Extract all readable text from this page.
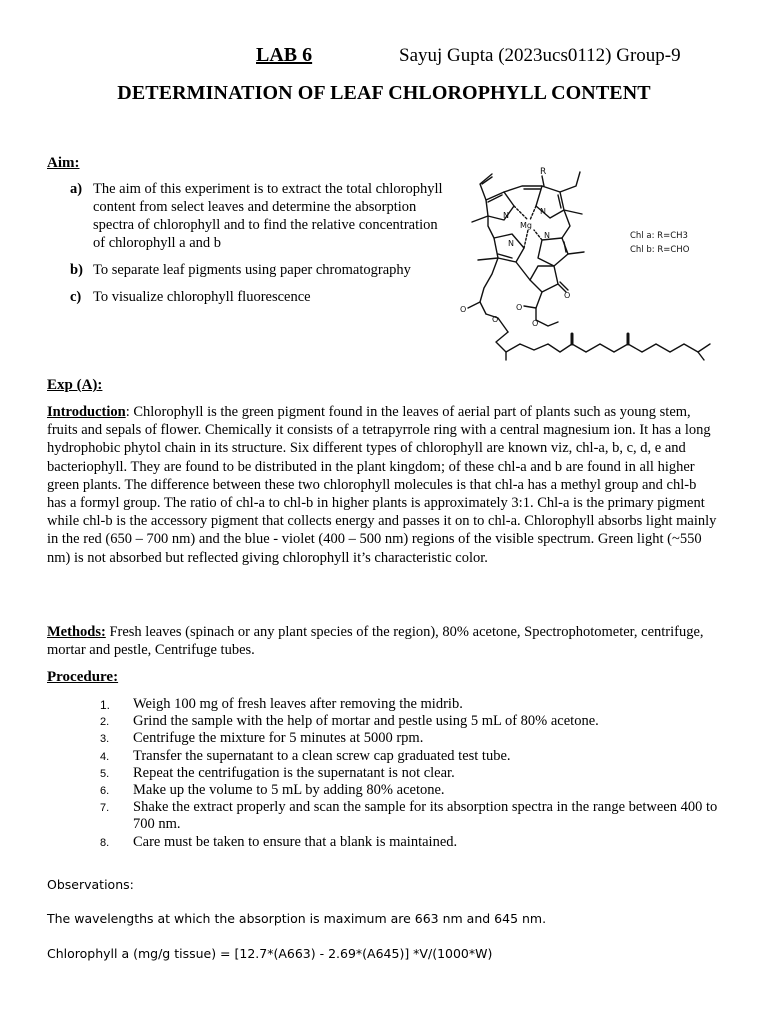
LAB 6	Sayuj Gupta (2023ucs0112) Group-9
DETERMINATION OF LEAF CHLOROPHYLL CONTENT
Aim:
a) The aim of this experiment is to extract the total chlorophyll content from select leaves and determine the absorption spectra of chlorophyll and to find the relative concentration of chlorophyll a and b
b) To separate leaf pigments using paper chromatography
c) To visualize chlorophyll fluorescence
R
Mg
N	N
N
N
O
O
O
O
O
Chl a: R=CH3
Chl b: R=CHO
Exp (A):

Introduction: Chlorophyll is the green pigment found in the leaves of aerial part of plants such as young stem, fruits and sepals of flower. Chemically it consists of a tetrapyrrole ring with a central magnesium ion. It has a long hydrophobic phytol chain in its structure. Six different types of chlorophyll are known viz, chl-a, b, c, d, e and bacteriophyll. They are found to be distributed in the plant kingdom; of these chl-a and b are found in all higher green plants. The difference between these two chlorophyll molecules is that chl-a has a methyl group and chl-b has a formyl group. The ratio of chl-a to chl-b in higher plants is approximately 3:1. Chl-a is the primary pigment while chl-b is the accessory pigment that collects energy and passes it on to chl-a. Chlorophyll absorbs light mainly in the red (650 – 700 nm) and the blue - violet (400 – 500 nm) regions of the visible spectrum. Green light (~550 nm) is not absorbed but reflected giving chlorophyll it’s characteristic color.

Methods: Fresh leaves (spinach or any plant species of the region), 80% acetone, Spectrophotometer, centrifuge, mortar and pestle, Centrifuge tubes.

Procedure:
1. Weigh 100 mg of fresh leaves after removing the midrib.
2. Grind the sample with the help of mortar and pestle using 5 mL of 80% acetone.
3. Centrifuge the mixture for 5 minutes at 5000 rpm.
4. Transfer the supernatant to a clean screw cap graduated test tube.
5. Repeat the centrifugation is the supernatant is not clear.
6. Make up the volume to 5 mL by adding 80% acetone.
7. Shake the extract properly and scan the sample for its absorption spectra in the range between 400 to 700 nm.
8. Care must be taken to ensure that a blank is maintained.
Observations:
The wavelengths at which the absorption is maximum are 663 nm and 645 nm.
Chlorophyll a (mg/g tissue) = [12.7*(A663) - 2.69*(A645)] *V/(1000*W)
